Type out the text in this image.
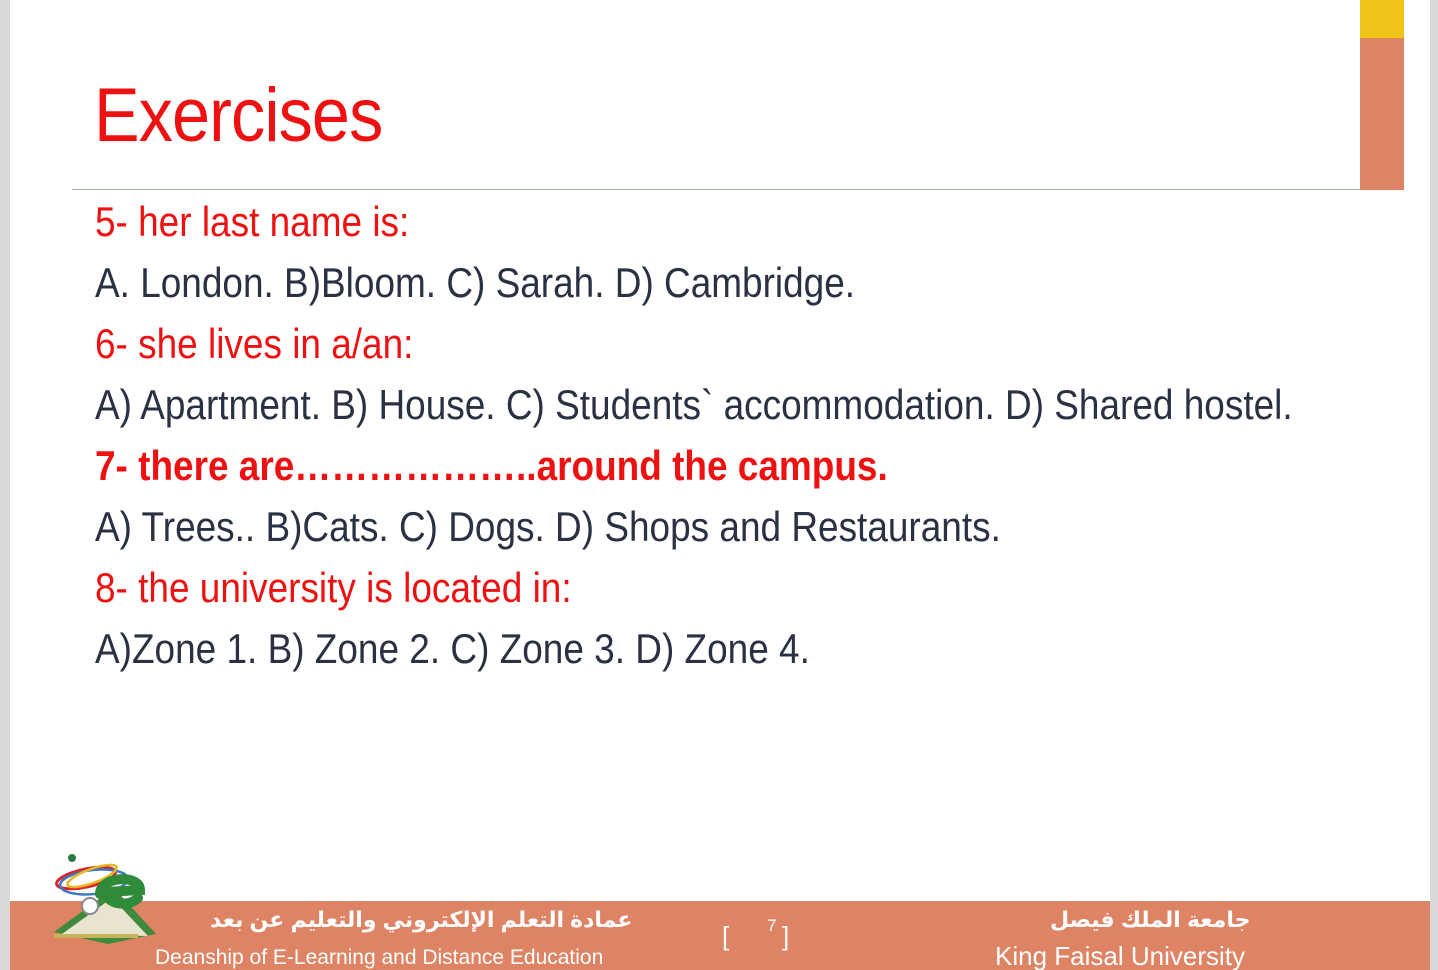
Exercises
5- her last name is:
A. London. B)Bloom. C) Sarah. D) Cambridge.
6- she lives in a/an:
A) Apartment. B) House. C) Students` accommodation. D) Shared hostel.
7- there are………………..around the campus.
A) Trees.. B)Cats. C) Dogs. D) Shops and Restaurants.
8- the university is located in:
A)Zone 1. B) Zone 2. C) Zone 3. D) Zone 4.
عمادة التعلم الإلكتروني والتعليم عن بعد
Deanship of E-Learning and Distance Education
[ 7 ]
جامعة الملك فيصل
King Faisal University
